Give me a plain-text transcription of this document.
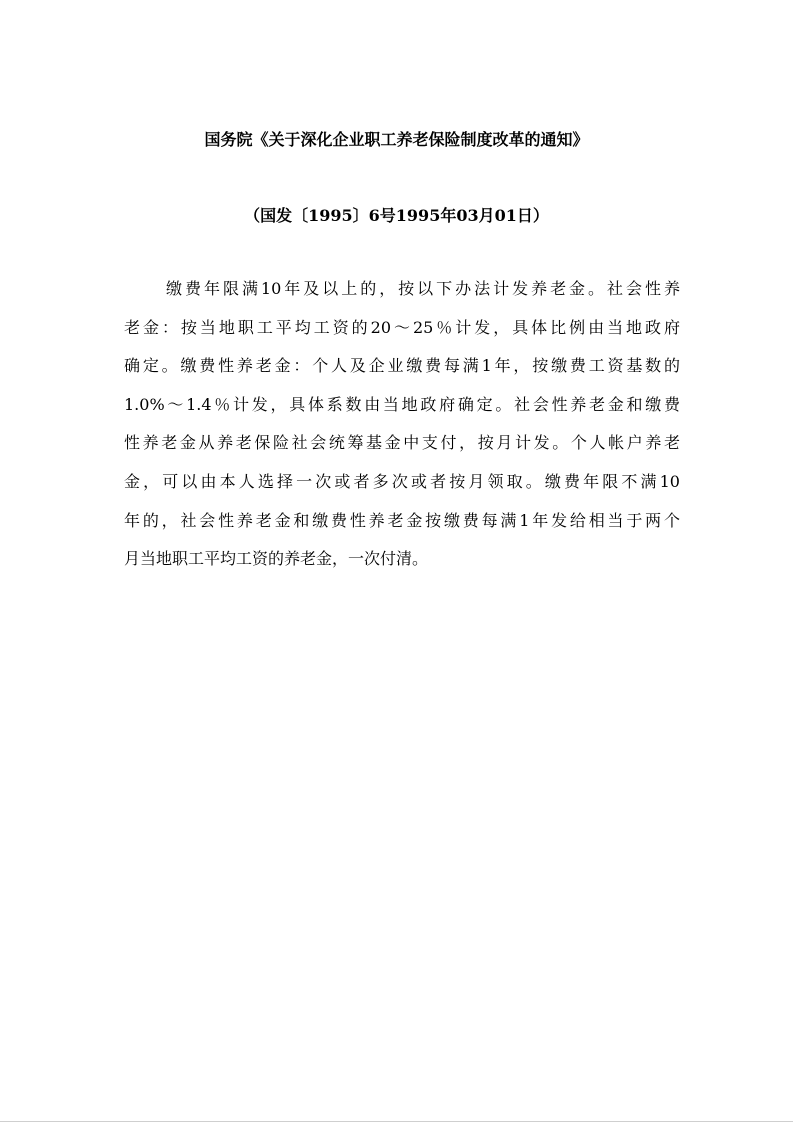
国务院《关于深化企业职工养老保险制度改革的通知》
（国发〔1995〕6号1995年03月01日）
缴费年限满10年及以上的，按以下办法计发养老金。社会性养
老金：按当地职工平均工资的20～25％计发，具体比例由当地政府
确定。缴费性养老金：个人及企业缴费每满1年，按缴费工资基数的
1.0%～1.4％计发，具体系数由当地政府确定。社会性养老金和缴费
性养老金从养老保险社会统筹基金中支付，按月计发。个人帐户养老
金，可以由本人选择一次或者多次或者按月领取。缴费年限不满10
年的，社会性养老金和缴费性养老金按缴费每满1年发给相当于两个
月当地职工平均工资的养老金，一次付清。
